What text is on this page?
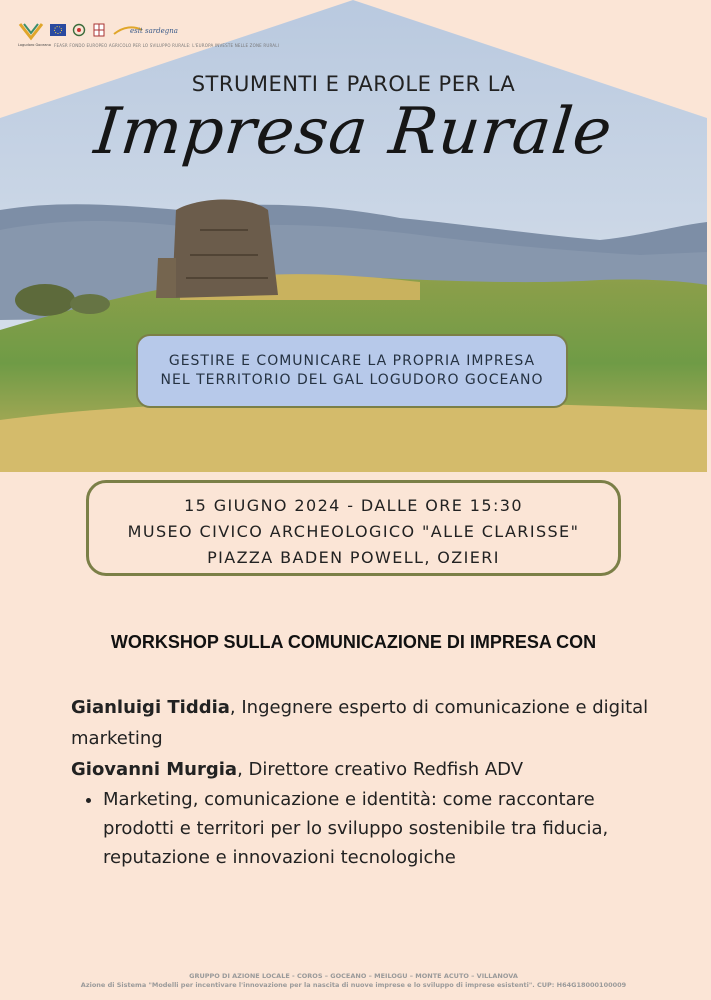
esit sardegna
Logudoro Goceano FEASR FONDO EUROPEO AGRICOLO PER LO SVILUPPO RURALE: L'EUROPA INVESTE NELLE ZONE RURALI
STRUMENTI E PAROLE PER LA
Impresa Rurale
GESTIRE E COMUNICARE LA PROPRIA IMPRESA
NEL TERRITORIO DEL GAL LOGUDORO GOCEANO
15 GIUGNO 2024 - DALLE ORE 15:30
MUSEO CIVICO ARCHEOLOGICO "ALLE CLARISSE"
PIAZZA BADEN POWELL, OZIERI
WORKSHOP SULLA COMUNICAZIONE DI IMPRESA CON

Gianluigi Tiddia, Ingegnere esperto di comunicazione e digital marketing

Giovanni Murgia, Direttore creativo Redfish ADV

• Marketing, comunicazione e identità: come raccontare prodotti e territori per lo sviluppo sostenibile tra fiducia, reputazione e innovazioni tecnologiche
GRUPPO DI AZIONE LOCALE - COROS – GOCEANO – MEILOGU – MONTE ACUTO – VILLANOVA
Azione di Sistema "Modelli per incentivare l'innovazione per la nascita di nuove imprese e lo sviluppo di imprese esistenti". CUP: H64G18000100009
